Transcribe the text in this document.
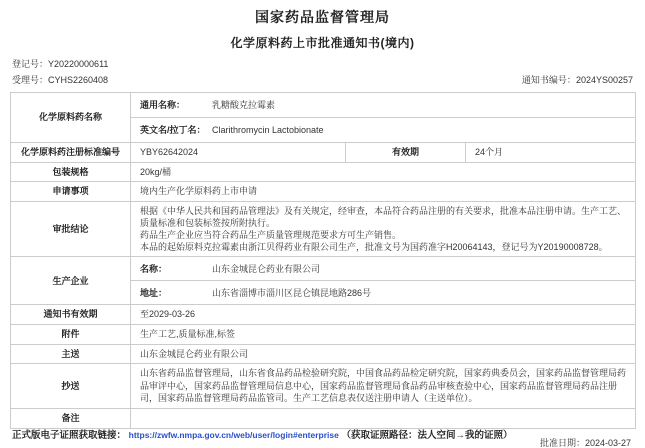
国家药品监督管理局
化学原料药上市批准通知书(境内)
登记号：Y20220000611
受理号：CYHS2260408	通知书编号：2024YS00257
化学原料药名称	通用名称： 乳糖酸克拉霉素		
	英文名/拉丁名： Clarithromycin Lactobionate		
化学原料药注册标准编号	YBY62642024	有效期	24个月
包装规格	20kg/桶		
申请事项	境内生产化学原料药上市申请		
审批结论	根据《中华人民共和国药品管理法》及有关规定，经审查，本品符合药品注册的有关要求，批准本品注册申请。生产工艺、质量标准和包装标签按所附执行。
药品生产企业应当符合药品生产质量管理规范要求方可生产销售。
本品的起始原料克拉霉素由浙江贝得药业有限公司生产，批准文号为国药准字H20064143，登记号为Y20190008728。		

生产企业	名称： 山东金城昆仑药业有限公司		
	地址： 山东省淄博市淄川区昆仑镇昆地路286号		
通知书有效期	至2029-03-26		
附件	生产工艺,质量标准,标签		
主送	山东金城昆仑药业有限公司		
抄送	山东省药品监督管理局，山东省食品药品检验研究院，中国食品药品检定研究院，国家药典委员会，国家药品监督管理局药品审评中心，国家药品监督管理局信息中心，国家药品监督管理局食品药品审核查验中心，国家药品监督管理局药品注册司，国家药品监督管理局药品监管司。生产工艺信息表仅送注册申请人（主送单位）。		
备注			
批准日期：2024-03-27
正式版电子证照获取链接： https://zwfw.nmpa.gov.cn/web/user/login#enterprise （获取证照路径：法人空间→我的证照）
